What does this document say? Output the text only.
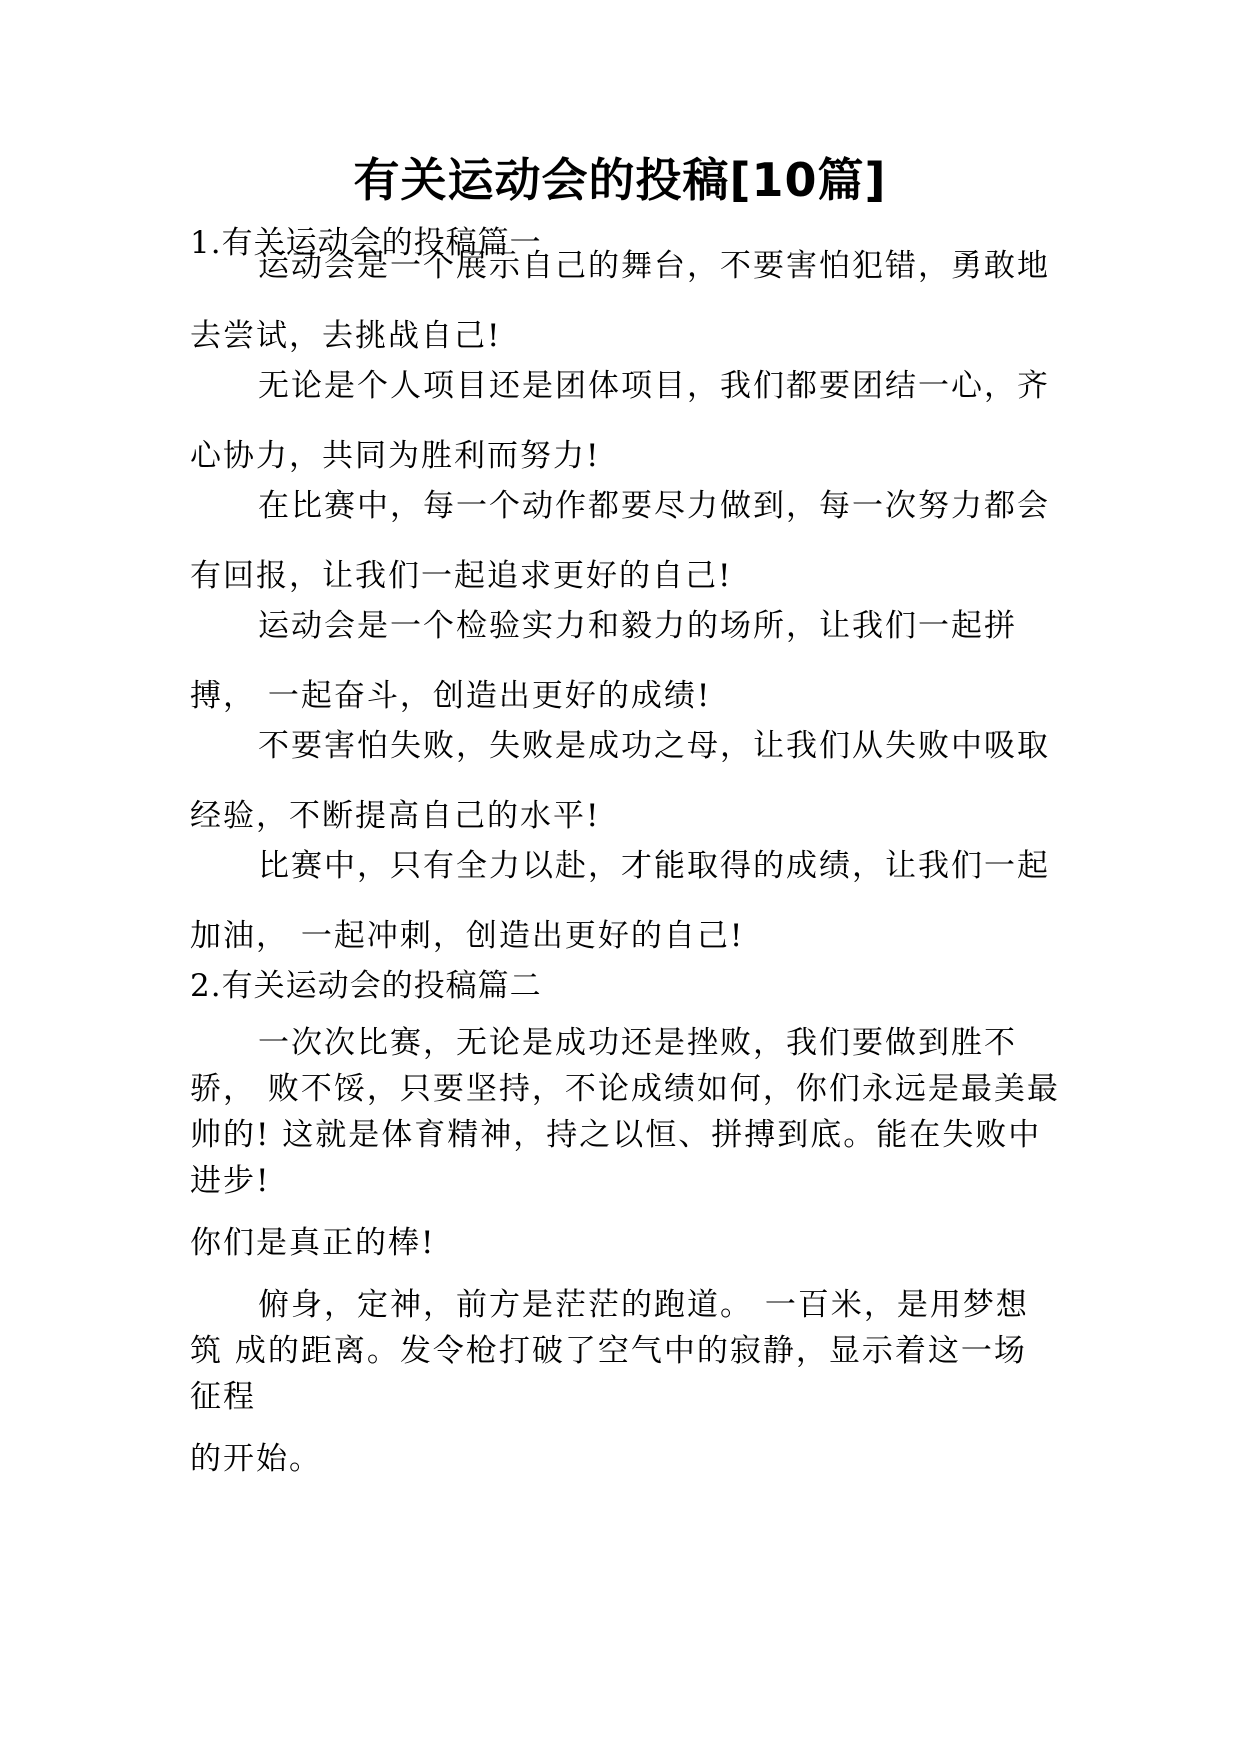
有关运动会的投稿[10篇]
1.有关运动会的投稿篇一
运动会是一个展示自己的舞台，不要害怕犯错，勇敢地
去尝试，去挑战自己!
无论是个人项目还是团体项目，我们都要团结一心，齐
心协力，共同为胜利而努力!
在比赛中，每一个动作都要尽力做到，每一次努力都会
有回报，让我们一起追求更好的自己!
运动会是一个检验实力和毅力的场所，让我们一起拼
搏， 一起奋斗，创造出更好的成绩!
不要害怕失败，失败是成功之母，让我们从失败中吸取
经验，不断提高自己的水平!
比赛中，只有全力以赴，才能取得的成绩，让我们一起
加油， 一起冲刺，创造出更好的自己!
2.有关运动会的投稿篇二
一次次比赛，无论是成功还是挫败，我们要做到胜不
骄， 败不馁，只要坚持，不论成绩如何，你们永远是最美最
帅的! 这就是体育精神，持之以恒、拼搏到底。能在失败中
进步!
你们是真正的棒!
俯身，定神，前方是茫茫的跑道。 一百米，是用梦想
筑 成的距离。发令枪打破了空气中的寂静，显示着这一场
征程
的开始。
